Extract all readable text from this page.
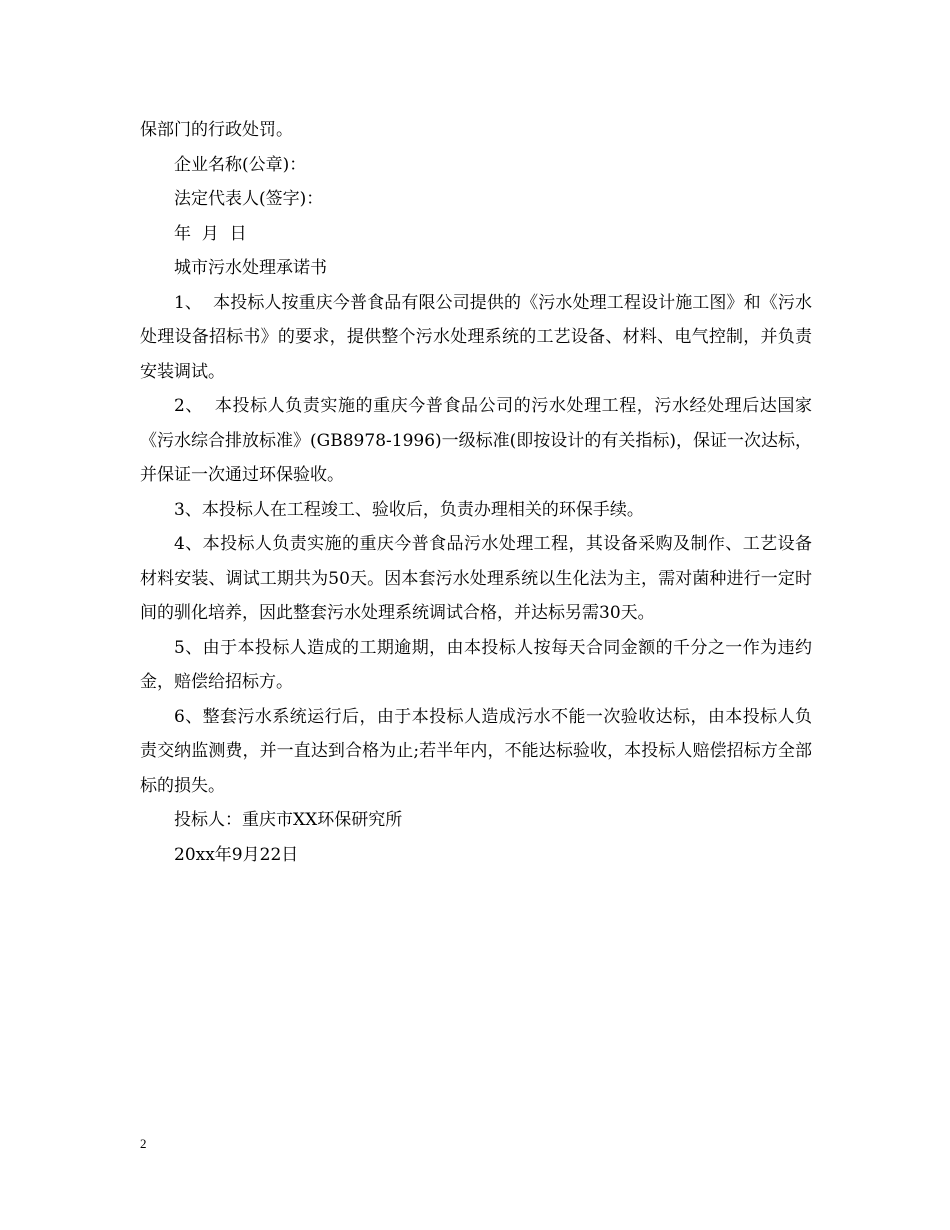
保部门的行政处罚。

企业名称(公章)：

法定代表人(签字)：

年  月  日

城市污水处理承诺书

1、  本投标人按重庆今普食品有限公司提供的《污水处理工程设计施工图》和《污水处理设备招标书》的要求，提供整个污水处理系统的工艺设备、材料、电气控制，并负责安装调试。

2、  本投标人负责实施的重庆今普食品公司的污水处理工程，污水经处理后达国家《污水综合排放标准》(GB8978-1996)一级标准(即按设计的有关指标)，保证一次达标，并保证一次通过环保验收。

3、本投标人在工程竣工、验收后，负责办理相关的环保手续。

4、本投标人负责实施的重庆今普食品污水处理工程，其设备采购及制作、工艺设备材料安装、调试工期共为50天。因本套污水处理系统以生化法为主，需对菌种进行一定时间的驯化培养，因此整套污水处理系统调试合格，并达标另需30天。

5、由于本投标人造成的工期逾期，由本投标人按每天合同金额的千分之一作为违约金，赔偿给招标方。

6、整套污水系统运行后，由于本投标人造成污水不能一次验收达标，由本投标人负责交纳监测费，并一直达到合格为止;若半年内，不能达标验收，本投标人赔偿招标方全部标的损失。

投标人：重庆市XX环保研究所

20xx年9月22日

2
